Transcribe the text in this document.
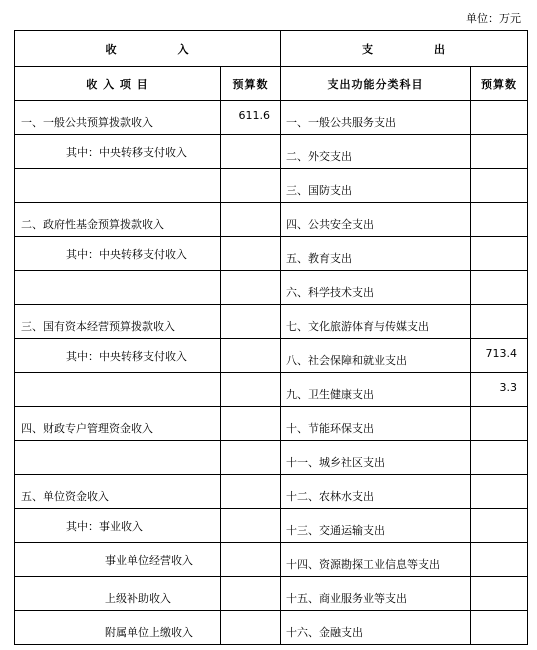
单位：万元
收　　　　　入		支　　　　　出	
收 入 项 目	预算数	支出功能分类科目	预算数
一、一般公共预算拨款收入	611.6	一、一般公共服务支出	
其中：中央转移支付收入		二、外交支出	
		三、国防支出	
二、政府性基金预算拨款收入		四、公共安全支出	
其中：中央转移支付收入		五、教育支出	
		六、科学技术支出	
三、国有资本经营预算拨款收入		七、文化旅游体育与传媒支出	
其中：中央转移支付收入		八、社会保障和就业支出	713.4
		九、卫生健康支出	3.3
四、财政专户管理资金收入		十、节能环保支出	
		十一、城乡社区支出	
五、单位资金收入		十二、农林水支出	
其中：事业收入		十三、交通运输支出	
事业单位经营收入		十四、资源勘探工业信息等支出	
上级补助收入		十五、商业服务业等支出	
附属单位上缴收入		十六、金融支出	
